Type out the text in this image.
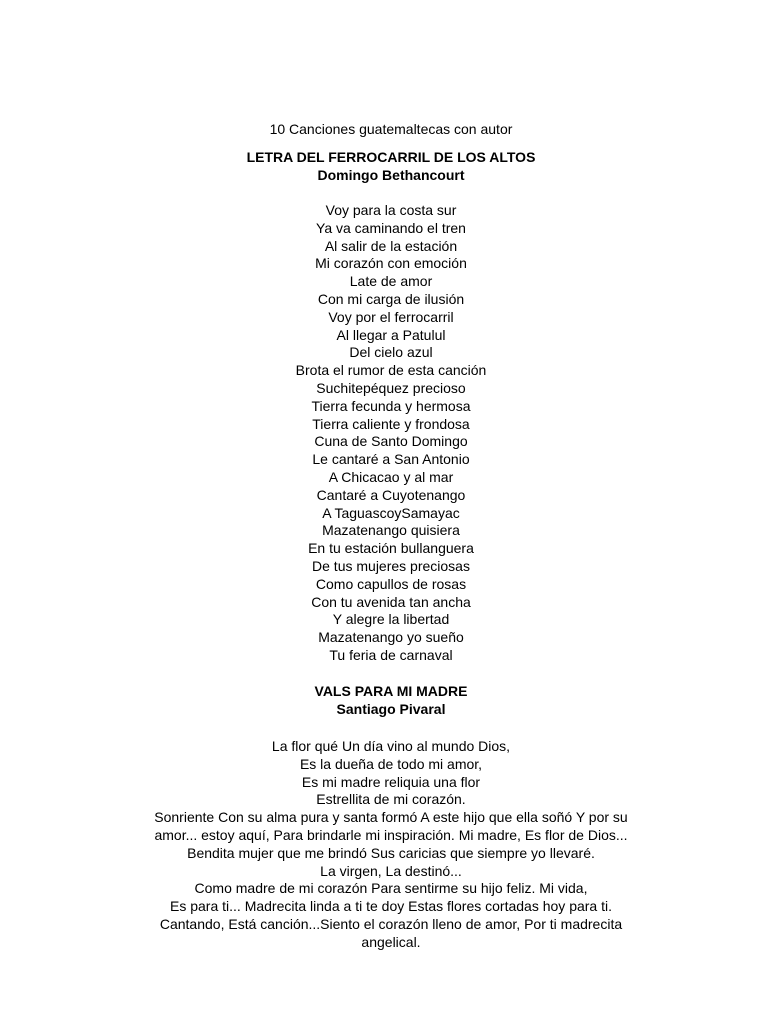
10 Canciones guatemaltecas con autor

LETRA DEL FERROCARRIL DE LOS ALTOS

Domingo Bethancourt

Voy para la costa sur
Ya va caminando el tren
Al salir de la estación
Mi corazón con emoción
Late de amor
Con mi carga de ilusión
Voy por el ferrocarril
Al llegar a Patulul
Del cielo azul
Brota el rumor de esta canción
Suchitepéquez precioso
Tierra fecunda y hermosa
Tierra caliente y frondosa
Cuna de Santo Domingo
Le cantaré a San Antonio
A Chicacao y al mar
Cantaré a Cuyotenango
A TaguascoySamayac
Mazatenango quisiera
En tu estación bullanguera
De tus mujeres preciosas
Como capullos de rosas
Con tu avenida tan ancha
Y alegre la libertad
Mazatenango yo sueño
Tu feria de carnaval

VALS PARA MI MADRE

Santiago Pivaral

La flor qué Un día vino al mundo Dios,
Es la dueña de todo mi amor,
Es mi madre reliquia una flor
Estrellita de mi corazón.
Sonriente Con su alma pura y santa formó A este hijo que ella soñó Y por su amor... estoy aquí, Para brindarle mi inspiración. Mi madre, Es flor de Dios...
Bendita mujer que me brindó Sus caricias que siempre yo llevaré.
La virgen, La destinó...
Como madre de mi corazón Para sentirme su hijo feliz. Mi vida,
Es para ti... Madrecita linda a ti te doy Estas flores cortadas hoy para ti.
Cantando, Está canción...Siento el corazón lleno de amor, Por ti madrecita angelical.
